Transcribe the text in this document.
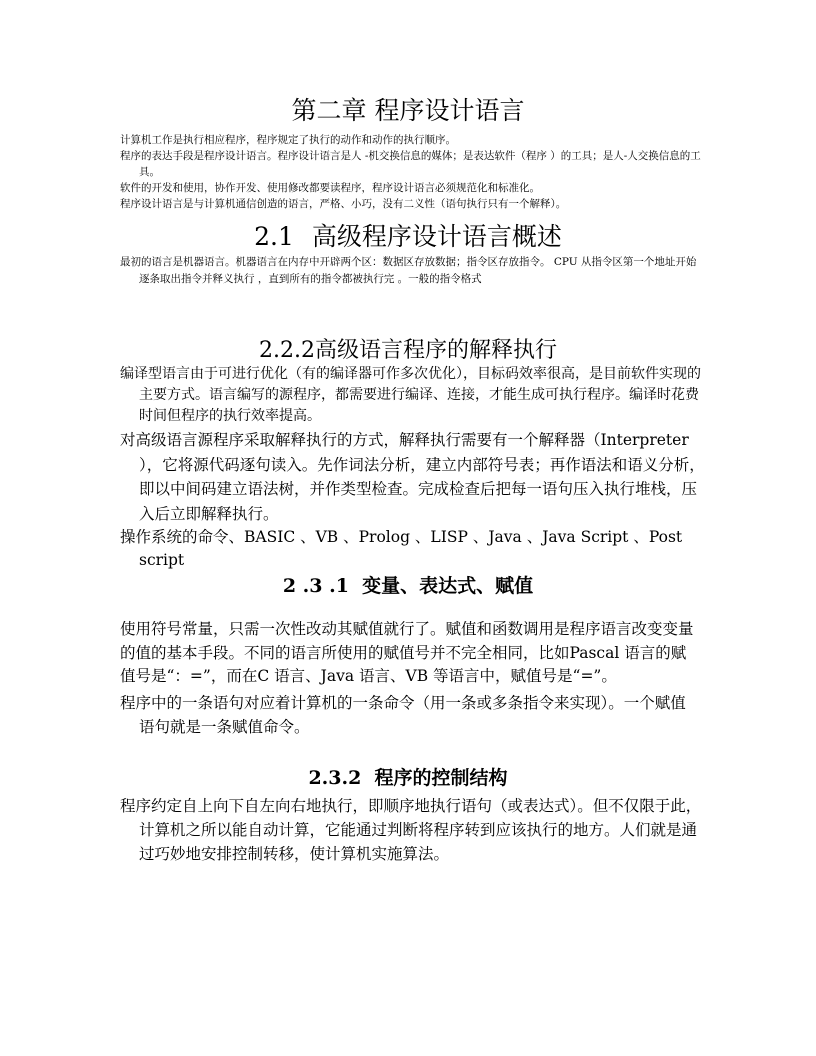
第二章 程序设计语言

计算机工作是执行相应程序，程序规定了执行的动作和动作的执行顺序。

程序的表达手段是程序设计语言。程序设计语言是人 -机交换信息的媒体；是表达软件（程序 ）的工具；是人-人交换信息的工具。

软件的开发和使用，协作开发、使用修改都要读程序，程序设计语言必须规范化和标准化。

程序设计语言是与计算机通信创造的语言，严格、小巧，没有二义性（语句执行只有一个解释）。

2.1 高级程序设计语言概述

最初的语言是机器语言。机器语言在内存中开辟两个区：数据区存放数据；指令区存放指令。 CPU 从指令区第一个地址开始逐条取出指令并释义执行 ，直到所有的指令都被执行完 。一般的指令格式

2.2.2高级语言程序的解释执行

编译型语言由于可进行优化（有的编译器可作多次优化），目标码效率很高，是目前软件实现的主要方式。语言编写的源程序，都需要进行编译、连接，才能生成可执行程序。编译时花费时间但程序的执行效率提高。

对高级语言源程序采取解释执行的方式，解释执行需要有一个解释器（Interpreter ），它将源代码逐句读入。先作词法分析，建立内部符号表；再作语法和语义分析，即以中间码建立语法树，并作类型检查。完成检查后把每一语句压入执行堆栈，压入后立即解释执行。

操作系统的命令、BASIC 、VB 、Prolog 、LISP 、Java 、Java Script 、Post script

2 .3 .1  变量、表达式、赋值

使用符号常量，只需一次性改动其赋值就行了。赋值和函数调用是程序语言改变变量的值的基本手段。不同的语言所使用的赋值号并不完全相同，比如Pascal 语言的赋值号是“：=”，而在C 语言、Java 语言、VB 等语言中，赋值号是“=”。

程序中的一条语句对应着计算机的一条命令（用一条或多条指令来实现）。一个赋值语句就是一条赋值命令。

2.3.2  程序的控制结构

程序约定自上向下自左向右地执行，即顺序地执行语句（或表达式）。但不仅限于此，计算机之所以能自动计算，它能通过判断将程序转到应该执行的地方。人们就是通过巧妙地安排控制转移，使计算机实施算法。
